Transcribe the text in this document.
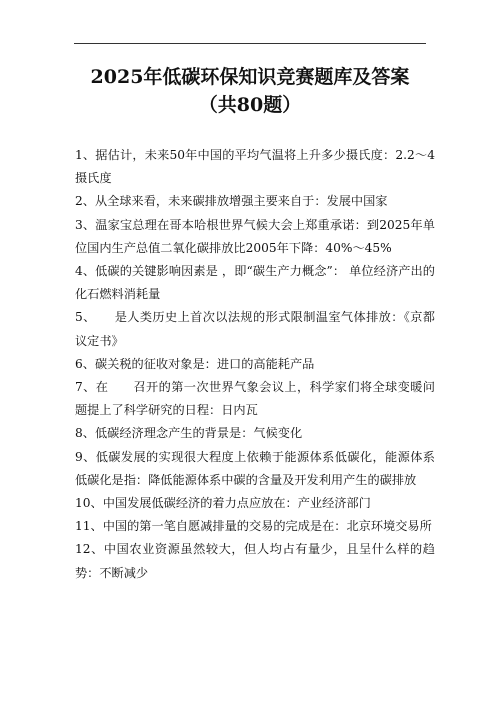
2025年低碳环保知识竞赛题库及答案
（共80题）

1、据估计，未来50年中国的平均气温将上升多少摄氏度：2.2～4摄氏度

2、从全球来看，未来碳排放增强主要来自于：发展中国家

3、温家宝总理在哥本哈根世界气候大会上郑重承诺：到2025年单位国内生产总值二氧化碳排放比2005年下降：40%～45%

4、低碳的关键影响因素是 ，即“碳生产力概念”： 单位经济产出的化石燃料消耗量

5、　　是人类历史上首次以法规的形式限制温室气体排放：《京都议定书》

6、碳关税的征收对象是：进口的高能耗产品

7、在　　召开的第一次世界气象会议上，科学家们将全球变暖问题提上了科学研究的日程：日内瓦

8、低碳经济理念产生的背景是：气候变化

9、低碳发展的实现很大程度上依赖于能源体系低碳化，能源体系低碳化是指：降低能源体系中碳的含量及开发利用产生的碳排放

10、中国发展低碳经济的着力点应放在：产业经济部门

11、中国的第一笔自愿减排量的交易的完成是在：北京环境交易所

12、中国农业资源虽然较大，但人均占有量少，且呈什么样的趋势：不断减少
